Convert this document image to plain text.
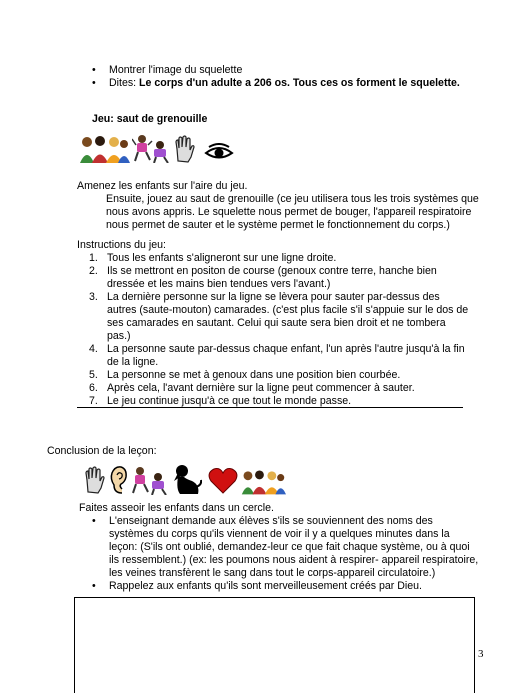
• Montrer l'image du squelette
• Dites: Le corps d'un adulte a 206 os. Tous ces os forment le squelette.
Jeu: saut de grenouille
Amenez les enfants sur l'aire du jeu.
Ensuite, jouez au saut de grenouille (ce jeu utilisera tous les trois systèmes que nous avons appris. Le squelette nous permet de bouger, l'appareil respiratoire nous permet de sauter et le système permet le fonctionnement du corps.)
Instructions du jeu:
1. Tous les enfants s'aligneront sur une ligne droite.
2. Ils se mettront en positon de course (genoux contre terre, hanche bien dressée et les mains bien tendues vers l'avant.)
3. La dernière personne sur la ligne se lèvera pour sauter par-dessus des autres (saute-mouton) camarades. (c'est plus facile s'il s'appuie sur le dos de ses camarades en sautant. Celui qui saute sera bien droit et ne tombera pas.)
4. La personne saute par-dessus chaque enfant, l'un après l'autre jusqu'à la fin de la ligne.
5. La personne se met à genoux dans une position bien courbée.
6. Après cela, l'avant dernière sur la ligne peut commencer à sauter.
7. Le jeu continue jusqu'à ce que tout le monde passe.
Conclusion de la leçon:
Faites asseoir les enfants dans un cercle.
• L'enseignant demande aux élèves s'ils se souviennent des noms des systèmes du corps qu'ils viennent de voir il y a quelques minutes dans la leçon: (S'ils ont oublié, demandez-leur ce que fait chaque système, ou à quoi ils ressemblent.) (ex: les poumons nous aident à respirer- appareil respiratoire, les veines transfèrent le sang dans tout le corps-appareil circulatoire.)
• Rappelez aux enfants qu'ils sont merveilleusement créés par Dieu.
3
